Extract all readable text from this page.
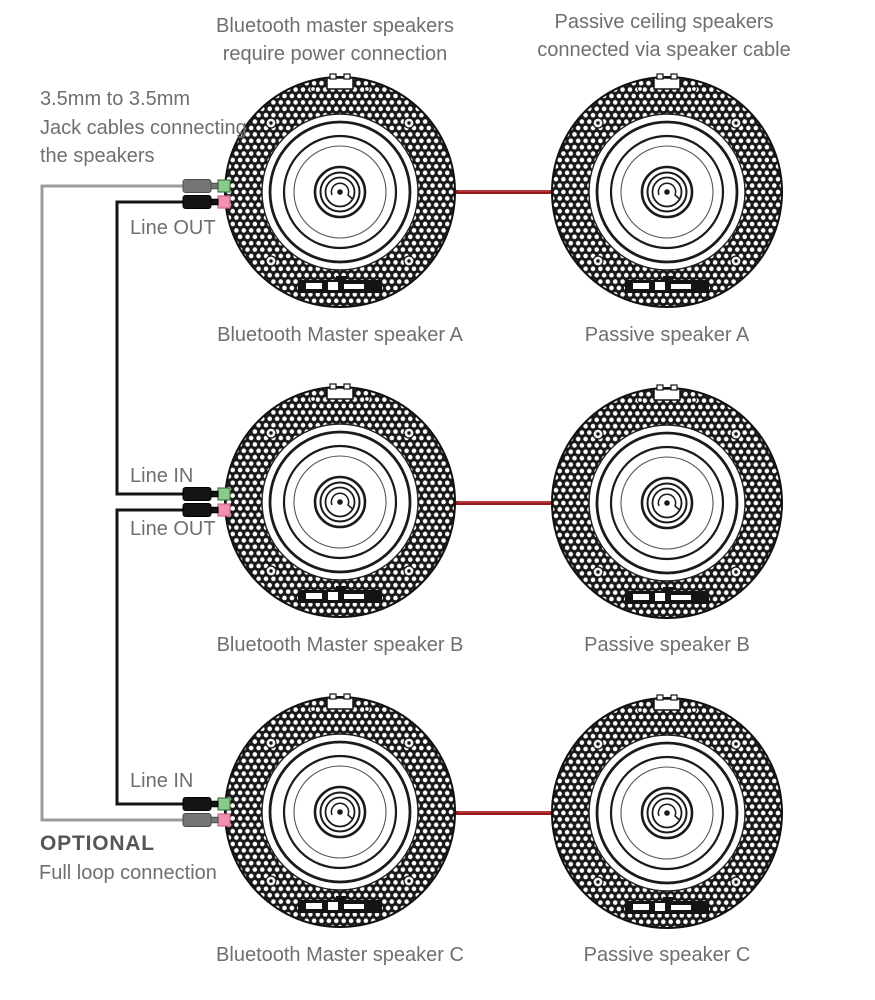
Bluetooth master speakers
require power connection
Passive ceiling speakers
connected via speaker cable
3.5mm to 3.5mm
Jack cables connecting
the speakers
Line OUT
Line IN
Line OUT
Line IN
OPTIONAL
Full loop connection
Bluetooth Master speaker A	Passive speaker A
Bluetooth Master speaker B	Passive speaker B
Bluetooth Master speaker C	Passive speaker C
